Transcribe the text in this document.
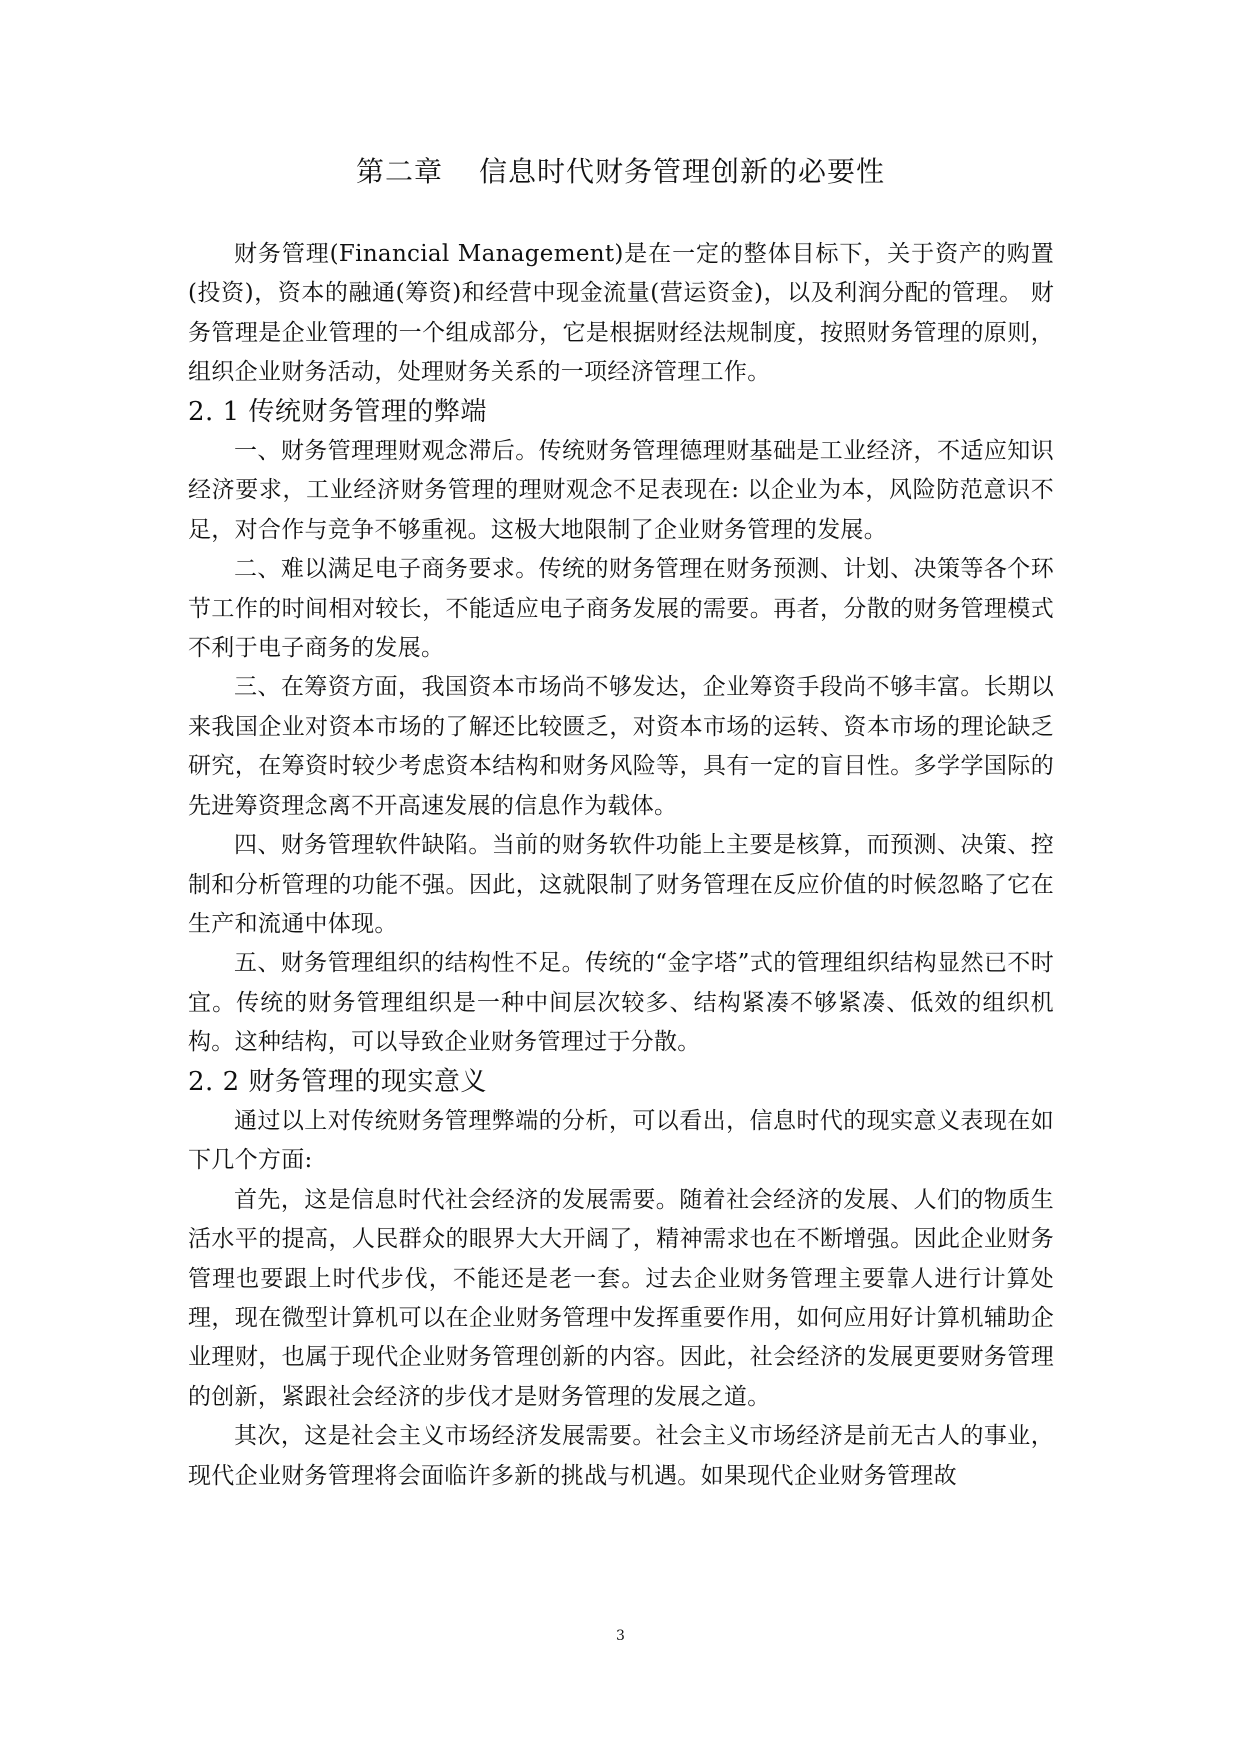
第二章 信息时代财务管理创新的必要性

财务管理(Financial Management)是在一定的整体目标下，关于资产的购置(投资)，资本的融通(筹资)和经营中现金流量(营运资金)，以及利润分配的管理。 财务管理是企业管理的一个组成部分，它是根据财经法规制度，按照财务管理的原则，组织企业财务活动，处理财务关系的一项经济管理工作。

2. 1 传统财务管理的弊端

一、财务管理理财观念滞后。传统财务管理德理财基础是工业经济，不适应知识经济要求，工业经济财务管理的理财观念不足表现在: 以企业为本，风险防范意识不足，对合作与竞争不够重视。这极大地限制了企业财务管理的发展。

二、难以满足电子商务要求。传统的财务管理在财务预测、计划、决策等各个环节工作的时间相对较长，不能适应电子商务发展的需要。再者，分散的财务管理模式不利于电子商务的发展。

三、在筹资方面，我国资本市场尚不够发达，企业筹资手段尚不够丰富。长期以来我国企业对资本市场的了解还比较匮乏，对资本市场的运转、资本市场的理论缺乏研究，在筹资时较少考虑资本结构和财务风险等，具有一定的盲目性。多学学国际的先进筹资理念离不开高速发展的信息作为载体。

四、财务管理软件缺陷。当前的财务软件功能上主要是核算，而预测、决策、控制和分析管理的功能不强。因此，这就限制了财务管理在反应价值的时候忽略了它在生产和流通中体现。

五、财务管理组织的结构性不足。传统的“金字塔”式的管理组织结构显然已不时宜。传统的财务管理组织是一种中间层次较多、结构紧凑不够紧凑、低效的组织机构。这种结构，可以导致企业财务管理过于分散。

2. 2 财务管理的现实意义

通过以上对传统财务管理弊端的分析，可以看出，信息时代的现实意义表现在如下几个方面:

首先，这是信息时代社会经济的发展需要。随着社会经济的发展、人们的物质生活水平的提高，人民群众的眼界大大开阔了，精神需求也在不断增强。因此企业财务管理也要跟上时代步伐，不能还是老一套。过去企业财务管理主要靠人进行计算处理，现在微型计算机可以在企业财务管理中发挥重要作用，如何应用好计算机辅助企业理财，也属于现代企业财务管理创新的内容。因此，社会经济的发展更要财务管理的创新，紧跟社会经济的步伐才是财务管理的发展之道。

其次，这是社会主义市场经济发展需要。社会主义市场经济是前无古人的事业，现代企业财务管理将会面临许多新的挑战与机遇。如果现代企业财务管理故

3
